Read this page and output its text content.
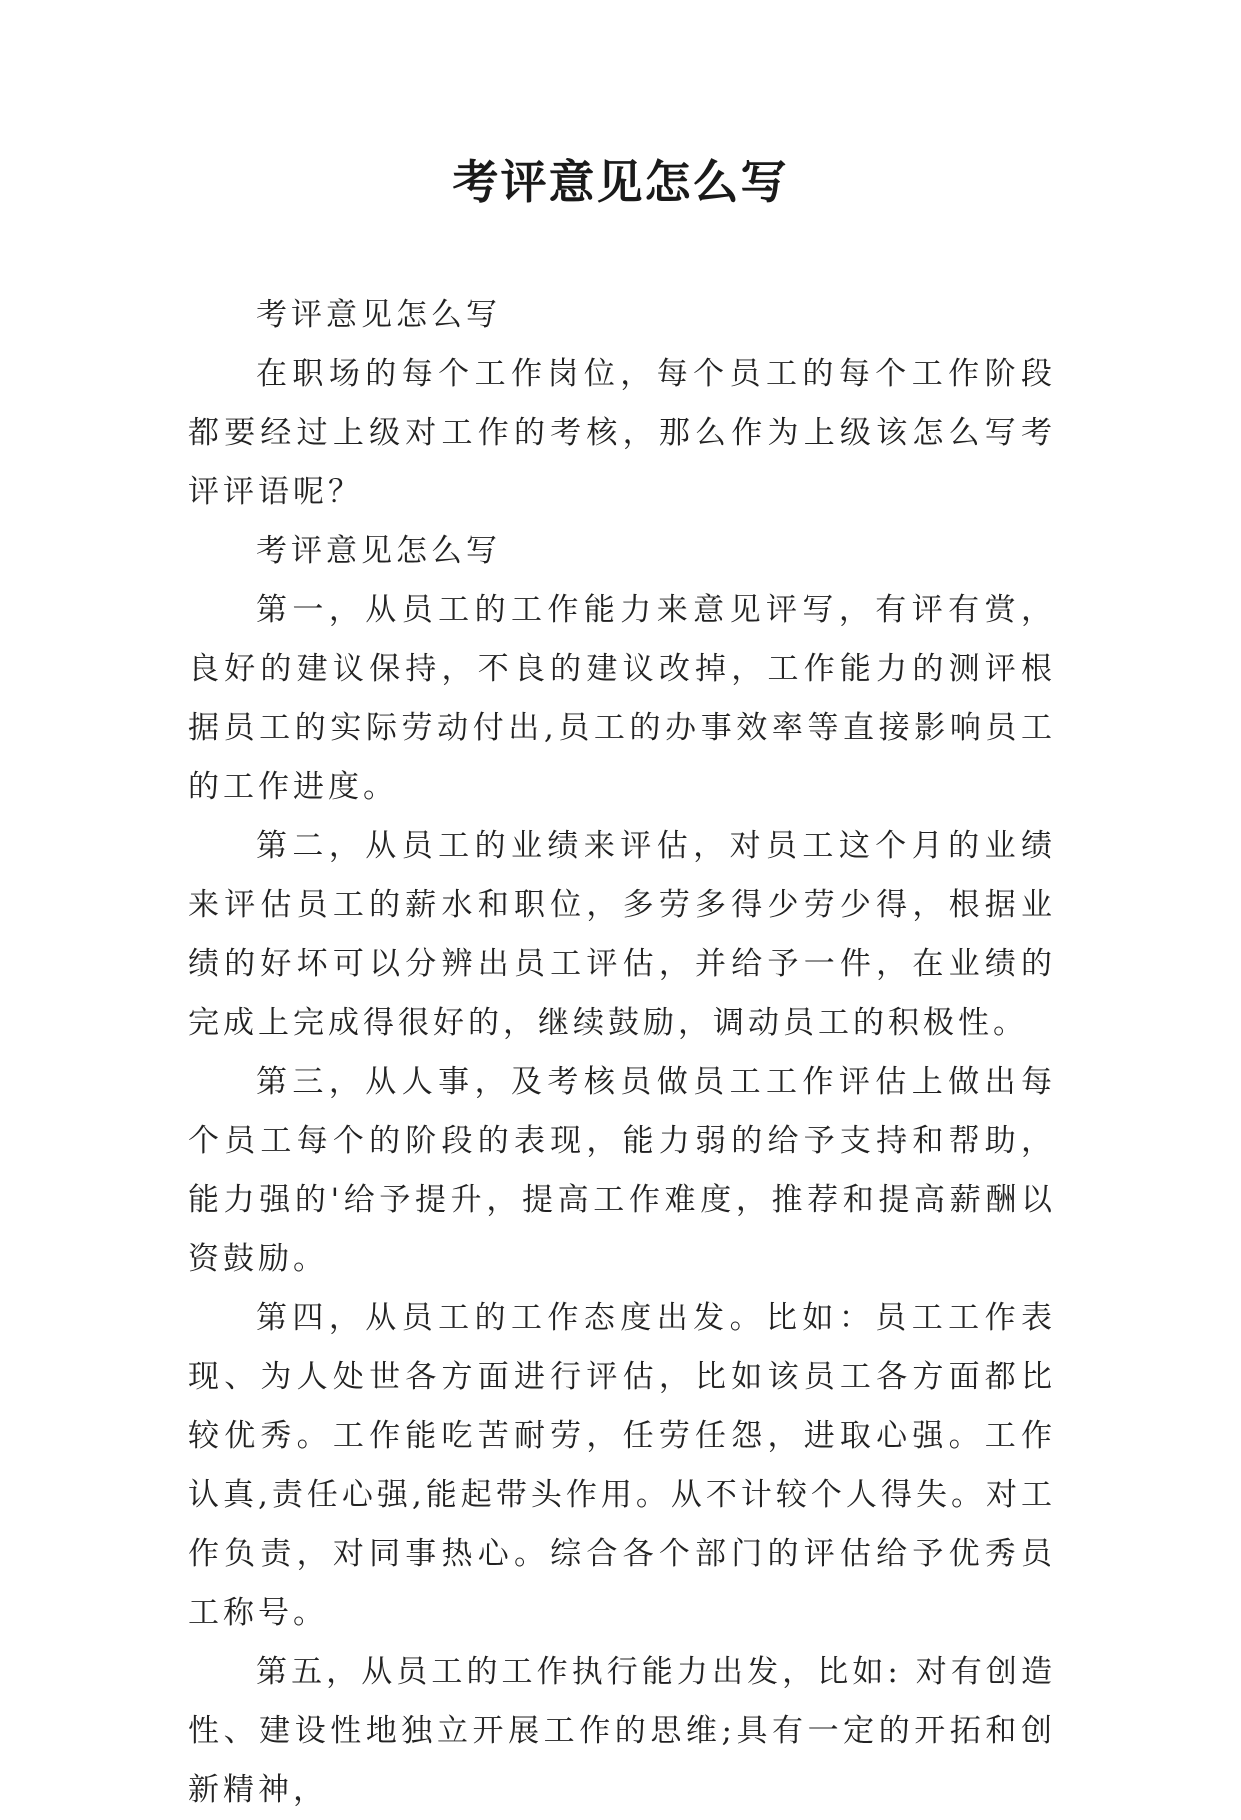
考评意见怎么写

考评意见怎么写

在职场的每个工作岗位，每个员工的每个工作阶段都要经过上级对工作的考核，那么作为上级该怎么写考评评语呢？

考评意见怎么写

第一，从员工的工作能力来意见评写，有评有赏，良好的建议保持，不良的建议改掉，工作能力的测评根据员工的实际劳动付出,员工的办事效率等直接影响员工的工作进度。

第二，从员工的业绩来评估，对员工这个月的业绩来评估员工的薪水和职位，多劳多得少劳少得，根据业绩的好坏可以分辨出员工评估，并给予一件，在业绩的完成上完成得很好的，继续鼓励，调动员工的积极性。

第三，从人事，及考核员做员工工作评估上做出每个员工每个的阶段的表现，能力弱的给予支持和帮助，能力强的'给予提升，提高工作难度，推荐和提高薪酬以资鼓励。

第四，从员工的工作态度出发。比如：员工工作表现、为人处世各方面进行评估，比如该员工各方面都比较优秀。工作能吃苦耐劳，任劳任怨，进取心强。工作认真,责任心强,能起带头作用。从不计较个人得失。对工作负责，对同事热心。综合各个部门的评估给予优秀员工称号。

第五，从员工的工作执行能力出发，比如: 对有创造性、建设性地独立开展工作的思维;具有一定的开拓和创新精神，
